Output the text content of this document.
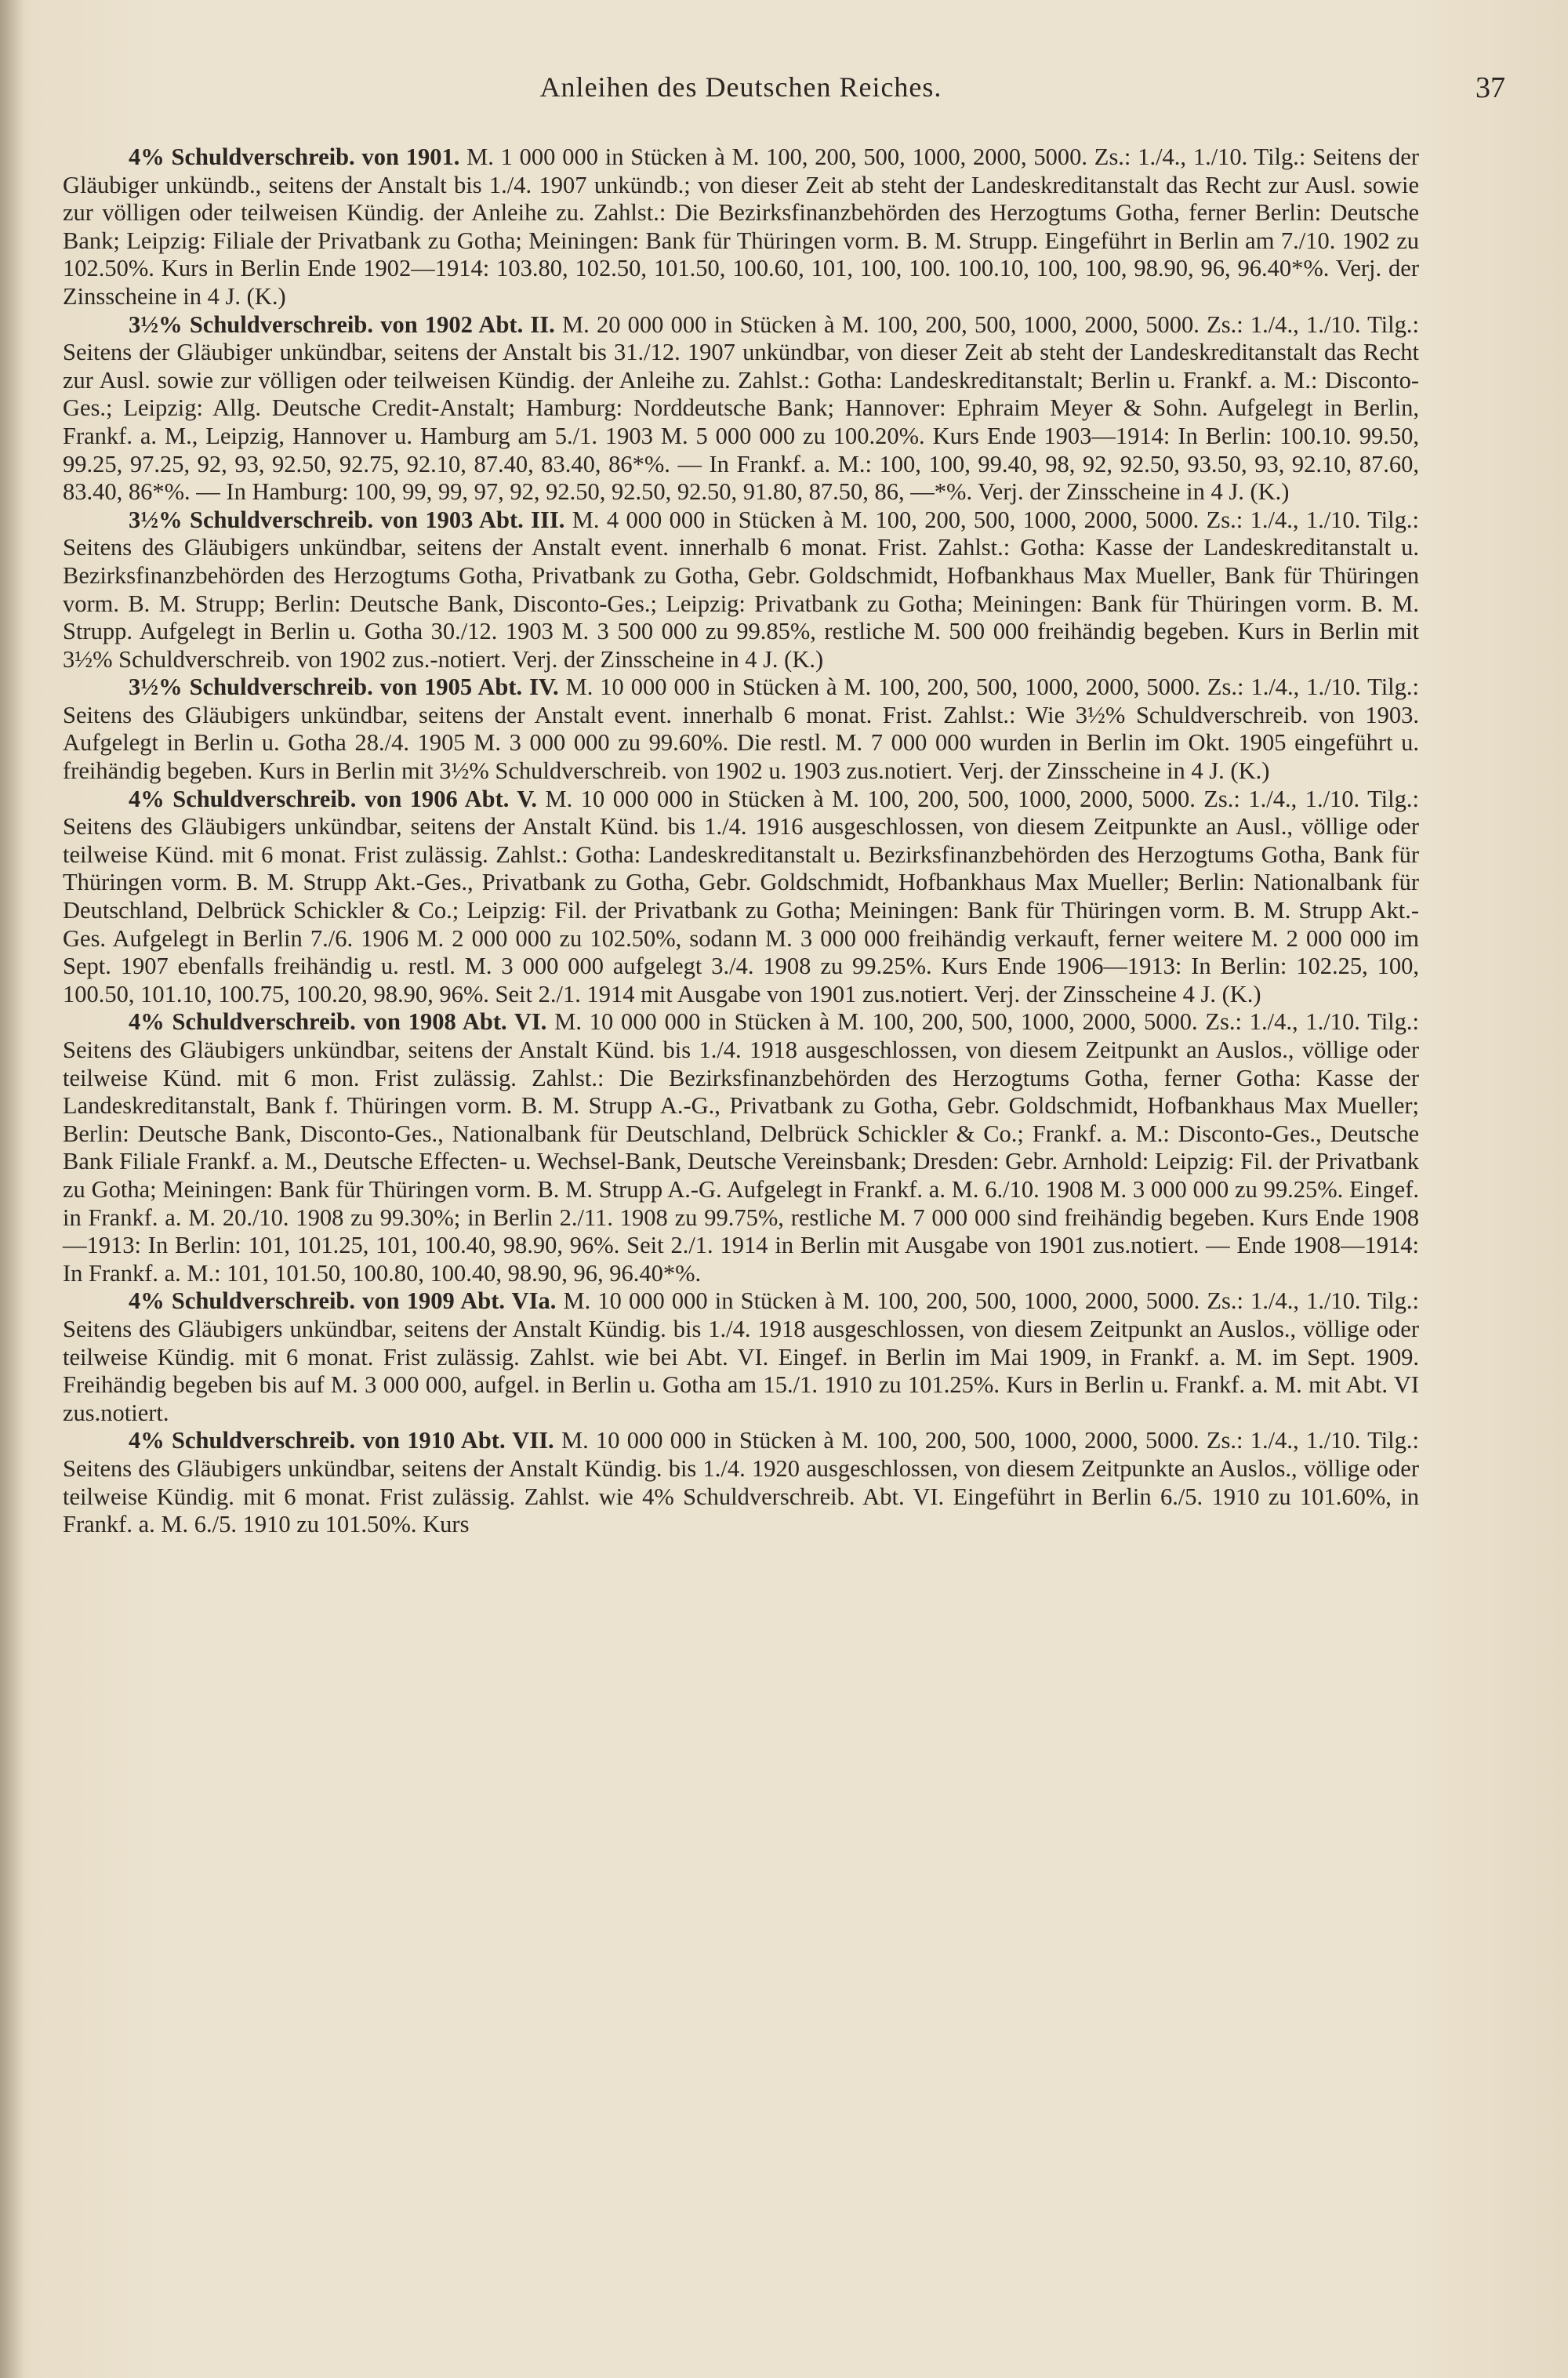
Anleihen des Deutschen Reiches.	37

4% Schuldverschreib. von 1901. M. 1 000 000 in Stücken à M. 100, 200, 500, 1000, 2000, 5000. Zs.: 1./4., 1./10. Tilg.: Seitens der Gläubiger unkündb., seitens der Anstalt bis 1./4. 1907 unkündb.; von dieser Zeit ab steht der Landeskreditanstalt das Recht zur Ausl. sowie zur völligen oder teilweisen Kündig. der Anleihe zu. Zahlst.: Die Bezirksfinanzbehörden des Herzogtums Gotha, ferner Berlin: Deutsche Bank; Leipzig: Filiale der Privatbank zu Gotha; Meiningen: Bank für Thüringen vorm. B. M. Strupp. Eingeführt in Berlin am 7./10. 1902 zu 102.50%. Kurs in Berlin Ende 1902—1914: 103.80, 102.50, 101.50, 100.60, 101, 100, 100. 100.10, 100, 100, 98.90, 96, 96.40*%. Verj. der Zinsscheine in 4 J. (K.)

3½% Schuldverschreib. von 1902 Abt. II. M. 20 000 000 in Stücken à M. 100, 200, 500, 1000, 2000, 5000. Zs.: 1./4., 1./10. Tilg.: Seitens der Gläubiger unkündbar, seitens der Anstalt bis 31./12. 1907 unkündbar, von dieser Zeit ab steht der Landeskreditanstalt das Recht zur Ausl. sowie zur völligen oder teilweisen Kündig. der Anleihe zu. Zahlst.: Gotha: Landeskreditanstalt; Berlin u. Frankf. a. M.: Disconto-Ges.; Leipzig: Allg. Deutsche Credit-Anstalt; Hamburg: Norddeutsche Bank; Hannover: Ephraim Meyer & Sohn. Aufgelegt in Berlin, Frankf. a. M., Leipzig, Hannover u. Hamburg am 5./1. 1903 M. 5 000 000 zu 100.20%. Kurs Ende 1903—1914: In Berlin: 100.10. 99.50, 99.25, 97.25, 92, 93, 92.50, 92.75, 92.10, 87.40, 83.40, 86*%. — In Frankf. a. M.: 100, 100, 99.40, 98, 92, 92.50, 93.50, 93, 92.10, 87.60, 83.40, 86*%. — In Hamburg: 100, 99, 99, 97, 92, 92.50, 92.50, 92.50, 91.80, 87.50, 86, —*%. Verj. der Zinsscheine in 4 J. (K.)

3½% Schuldverschreib. von 1903 Abt. III. M. 4 000 000 in Stücken à M. 100, 200, 500, 1000, 2000, 5000. Zs.: 1./4., 1./10. Tilg.: Seitens des Gläubigers unkündbar, seitens der Anstalt event. innerhalb 6 monat. Frist. Zahlst.: Gotha: Kasse der Landeskreditanstalt u. Bezirksfinanzbehörden des Herzogtums Gotha, Privatbank zu Gotha, Gebr. Goldschmidt, Hofbankhaus Max Mueller, Bank für Thüringen vorm. B. M. Strupp; Berlin: Deutsche Bank, Disconto-Ges.; Leipzig: Privatbank zu Gotha; Meiningen: Bank für Thüringen vorm. B. M. Strupp. Aufgelegt in Berlin u. Gotha 30./12. 1903 M. 3 500 000 zu 99.85%, restliche M. 500 000 freihändig begeben. Kurs in Berlin mit 3½% Schuldverschreib. von 1902 zus.-notiert. Verj. der Zinsscheine in 4 J. (K.)

3½% Schuldverschreib. von 1905 Abt. IV. M. 10 000 000 in Stücken à M. 100, 200, 500, 1000, 2000, 5000. Zs.: 1./4., 1./10. Tilg.: Seitens des Gläubigers unkündbar, seitens der Anstalt event. innerhalb 6 monat. Frist. Zahlst.: Wie 3½% Schuldverschreib. von 1903. Aufgelegt in Berlin u. Gotha 28./4. 1905 M. 3 000 000 zu 99.60%. Die restl. M. 7 000 000 wurden in Berlin im Okt. 1905 eingeführt u. freihändig begeben. Kurs in Berlin mit 3½% Schuldverschreib. von 1902 u. 1903 zus.notiert. Verj. der Zinsscheine in 4 J. (K.)

4% Schuldverschreib. von 1906 Abt. V. M. 10 000 000 in Stücken à M. 100, 200, 500, 1000, 2000, 5000. Zs.: 1./4., 1./10. Tilg.: Seitens des Gläubigers unkündbar, seitens der Anstalt Künd. bis 1./4. 1916 ausgeschlossen, von diesem Zeitpunkte an Ausl., völlige oder teilweise Künd. mit 6 monat. Frist zulässig. Zahlst.: Gotha: Landeskreditanstalt u. Bezirksfinanzbehörden des Herzogtums Gotha, Bank für Thüringen vorm. B. M. Strupp Akt.-Ges., Privatbank zu Gotha, Gebr. Goldschmidt, Hofbankhaus Max Mueller; Berlin: Nationalbank für Deutschland, Delbrück Schickler & Co.; Leipzig: Fil. der Privatbank zu Gotha; Meiningen: Bank für Thüringen vorm. B. M. Strupp Akt.-Ges. Aufgelegt in Berlin 7./6. 1906 M. 2 000 000 zu 102.50%, sodann M. 3 000 000 freihändig verkauft, ferner weitere M. 2 000 000 im Sept. 1907 ebenfalls freihändig u. restl. M. 3 000 000 aufgelegt 3./4. 1908 zu 99.25%. Kurs Ende 1906—1913: In Berlin: 102.25, 100, 100.50, 101.10, 100.75, 100.20, 98.90, 96%. Seit 2./1. 1914 mit Ausgabe von 1901 zus.notiert. Verj. der Zinsscheine 4 J. (K.)

4% Schuldverschreib. von 1908 Abt. VI. M. 10 000 000 in Stücken à M. 100, 200, 500, 1000, 2000, 5000. Zs.: 1./4., 1./10. Tilg.: Seitens des Gläubigers unkündbar, seitens der Anstalt Künd. bis 1./4. 1918 ausgeschlossen, von diesem Zeitpunkt an Auslos., völlige oder teilweise Künd. mit 6 mon. Frist zulässig. Zahlst.: Die Bezirksfinanzbehörden des Herzogtums Gotha, ferner Gotha: Kasse der Landeskreditanstalt, Bank f. Thüringen vorm. B. M. Strupp A.-G., Privatbank zu Gotha, Gebr. Goldschmidt, Hofbankhaus Max Mueller; Berlin: Deutsche Bank, Disconto-Ges., Nationalbank für Deutschland, Delbrück Schickler & Co.; Frankf. a. M.: Disconto-Ges., Deutsche Bank Filiale Frankf. a. M., Deutsche Effecten- u. Wechsel-Bank, Deutsche Vereinsbank; Dresden: Gebr. Arnhold: Leipzig: Fil. der Privatbank zu Gotha; Meiningen: Bank für Thüringen vorm. B. M. Strupp A.-G. Aufgelegt in Frankf. a. M. 6./10. 1908 M. 3 000 000 zu 99.25%. Eingef. in Frankf. a. M. 20./10. 1908 zu 99.30%; in Berlin 2./11. 1908 zu 99.75%, restliche M. 7 000 000 sind freihändig begeben. Kurs Ende 1908—1913: In Berlin: 101, 101.25, 101, 100.40, 98.90, 96%. Seit 2./1. 1914 in Berlin mit Ausgabe von 1901 zus.notiert. — Ende 1908—1914: In Frankf. a. M.: 101, 101.50, 100.80, 100.40, 98.90, 96, 96.40*%.

4% Schuldverschreib. von 1909 Abt. VIa. M. 10 000 000 in Stücken à M. 100, 200, 500, 1000, 2000, 5000. Zs.: 1./4., 1./10. Tilg.: Seitens des Gläubigers unkündbar, seitens der Anstalt Kündig. bis 1./4. 1918 ausgeschlossen, von diesem Zeitpunkt an Auslos., völlige oder teilweise Kündig. mit 6 monat. Frist zulässig. Zahlst. wie bei Abt. VI. Eingef. in Berlin im Mai 1909, in Frankf. a. M. im Sept. 1909. Freihändig begeben bis auf M. 3 000 000, aufgel. in Berlin u. Gotha am 15./1. 1910 zu 101.25%. Kurs in Berlin u. Frankf. a. M. mit Abt. VI zus.notiert.

4% Schuldverschreib. von 1910 Abt. VII. M. 10 000 000 in Stücken à M. 100, 200, 500, 1000, 2000, 5000. Zs.: 1./4., 1./10. Tilg.: Seitens des Gläubigers unkündbar, seitens der Anstalt Kündig. bis 1./4. 1920 ausgeschlossen, von diesem Zeitpunkte an Auslos., völlige oder teilweise Kündig. mit 6 monat. Frist zulässig. Zahlst. wie 4% Schuldverschreib. Abt. VI. Eingeführt in Berlin 6./5. 1910 zu 101.60%, in Frankf. a. M. 6./5. 1910 zu 101.50%. Kurs
